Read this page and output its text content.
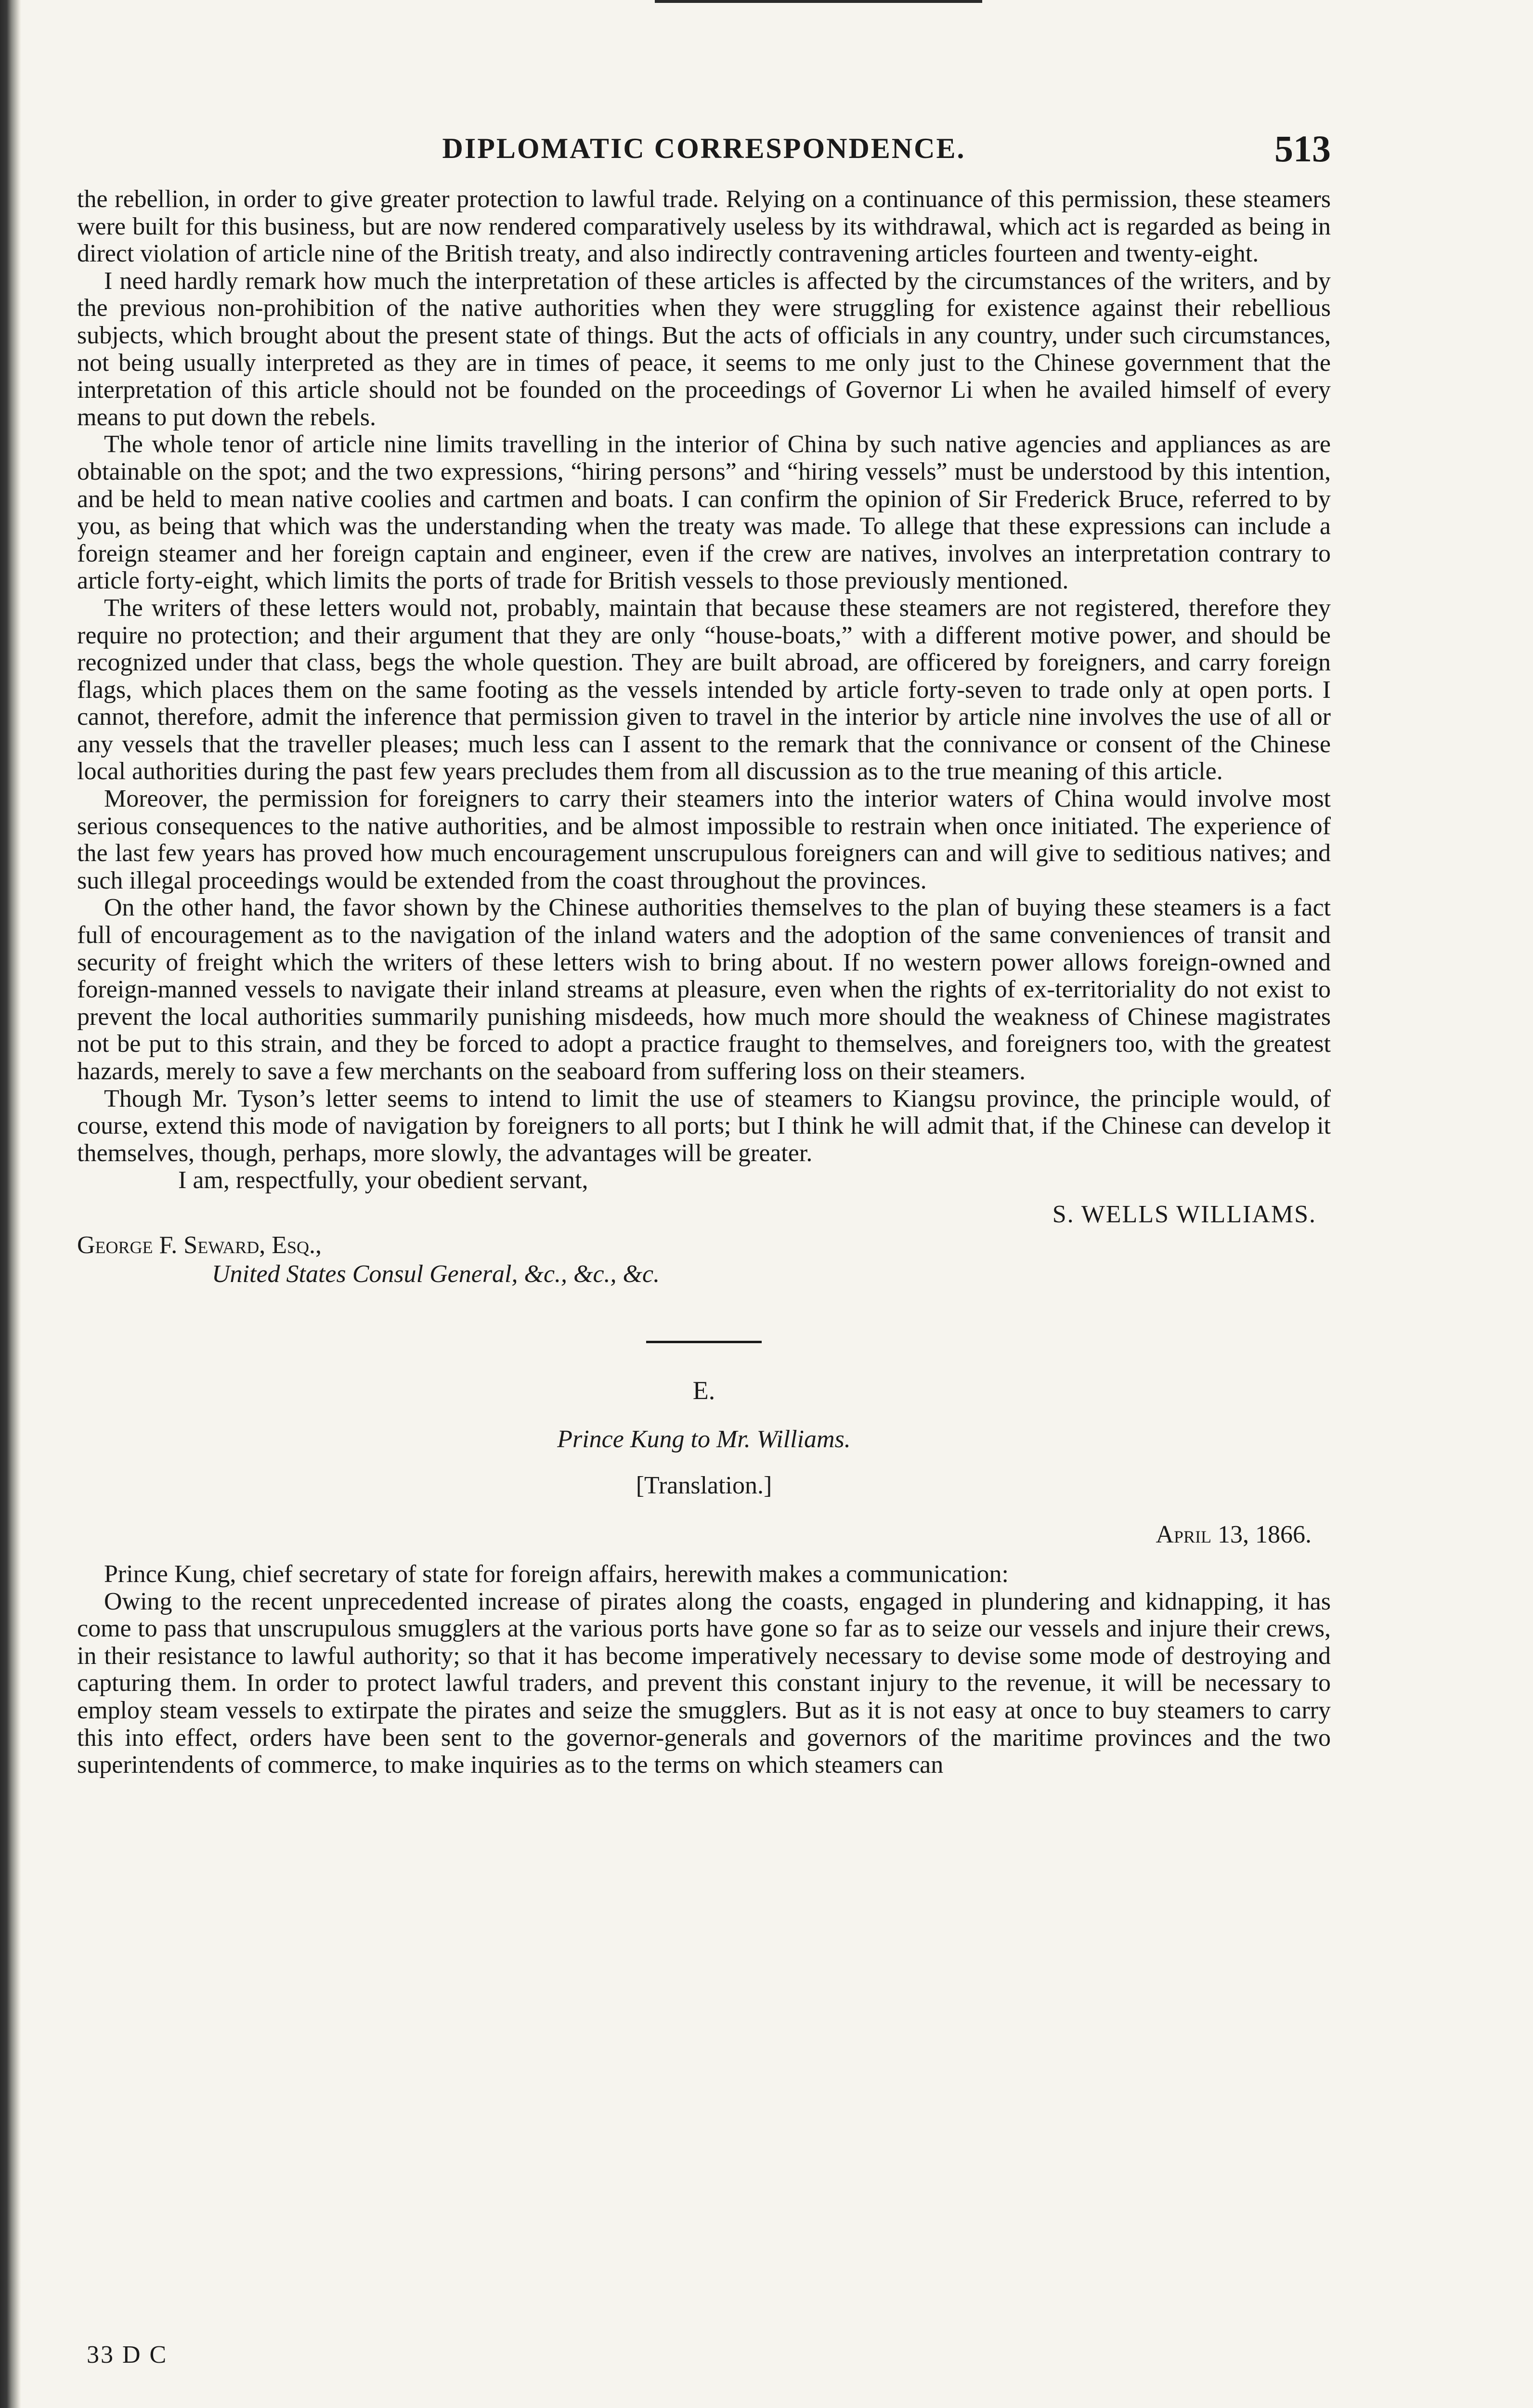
DIPLOMATIC CORRESPONDENCE.	513

the rebellion, in order to give greater protection to lawful trade. Relying on a continuance of this permission, these steamers were built for this business, but are now rendered comparatively useless by its withdrawal, which act is regarded as being in direct violation of article nine of the British treaty, and also indirectly contravening articles fourteen and twenty-eight.

I need hardly remark how much the interpretation of these articles is affected by the circumstances of the writers, and by the previous non-prohibition of the native authorities when they were struggling for existence against their rebellious subjects, which brought about the present state of things. But the acts of officials in any country, under such circumstances, not being usually interpreted as they are in times of peace, it seems to me only just to the Chinese government that the interpretation of this article should not be founded on the proceedings of Governor Li when he availed himself of every means to put down the rebels.

The whole tenor of article nine limits travelling in the interior of China by such native agencies and appliances as are obtainable on the spot; and the two expressions, “hiring persons” and “hiring vessels” must be understood by this intention, and be held to mean native coolies and cartmen and boats. I can confirm the opinion of Sir Frederick Bruce, referred to by you, as being that which was the understanding when the treaty was made. To allege that these expressions can include a foreign steamer and her foreign captain and engineer, even if the crew are natives, involves an interpretation contrary to article forty-eight, which limits the ports of trade for British vessels to those previously mentioned.

The writers of these letters would not, probably, maintain that because these steamers are not registered, therefore they require no protection; and their argument that they are only “house-boats,” with a different motive power, and should be recognized under that class, begs the whole question. They are built abroad, are officered by foreigners, and carry foreign flags, which places them on the same footing as the vessels intended by article forty-seven to trade only at open ports. I cannot, therefore, admit the inference that permission given to travel in the interior by article nine involves the use of all or any vessels that the traveller pleases; much less can I assent to the remark that the connivance or consent of the Chinese local authorities during the past few years precludes them from all discussion as to the true meaning of this article.

Moreover, the permission for foreigners to carry their steamers into the interior waters of China would involve most serious consequences to the native authorities, and be almost impossible to restrain when once initiated. The experience of the last few years has proved how much encouragement unscrupulous foreigners can and will give to seditious natives; and such illegal proceedings would be extended from the coast throughout the provinces.

On the other hand, the favor shown by the Chinese authorities themselves to the plan of buying these steamers is a fact full of encouragement as to the navigation of the inland waters and the adoption of the same conveniences of transit and security of freight which the writers of these letters wish to bring about. If no western power allows foreign-owned and foreign-manned vessels to navigate their inland streams at pleasure, even when the rights of ex-territoriality do not exist to prevent the local authorities summarily punishing misdeeds, how much more should the weakness of Chinese magistrates not be put to this strain, and they be forced to adopt a practice fraught to themselves, and foreigners too, with the greatest hazards, merely to save a few merchants on the seaboard from suffering loss on their steamers.

Though Mr. Tyson’s letter seems to intend to limit the use of steamers to Kiangsu province, the principle would, of course, extend this mode of navigation by foreigners to all ports; but I think he will admit that, if the Chinese can develop it themselves, though, perhaps, more slowly, the advantages will be greater.

I am, respectfully, your obedient servant,
S. WELLS WILLIAMS.
George F. Seward, Esq.,
United States Consul General, &c., &c., &c.
E.
Prince Kung to Mr. Williams.
[Translation.]
April 13, 1866.

Prince Kung, chief secretary of state for foreign affairs, herewith makes a communication:

Owing to the recent unprecedented increase of pirates along the coasts, engaged in plundering and kidnapping, it has come to pass that unscrupulous smugglers at the various ports have gone so far as to seize our vessels and injure their crews, in their resistance to lawful authority; so that it has become imperatively necessary to devise some mode of destroying and capturing them. In order to protect lawful traders, and prevent this constant injury to the revenue, it will be necessary to employ steam vessels to extirpate the pirates and seize the smugglers. But as it is not easy at once to buy steamers to carry this into effect, orders have been sent to the governor-generals and governors of the maritime provinces and the two superintendents of commerce, to make inquiries as to the terms on which steamers can

33 D C
